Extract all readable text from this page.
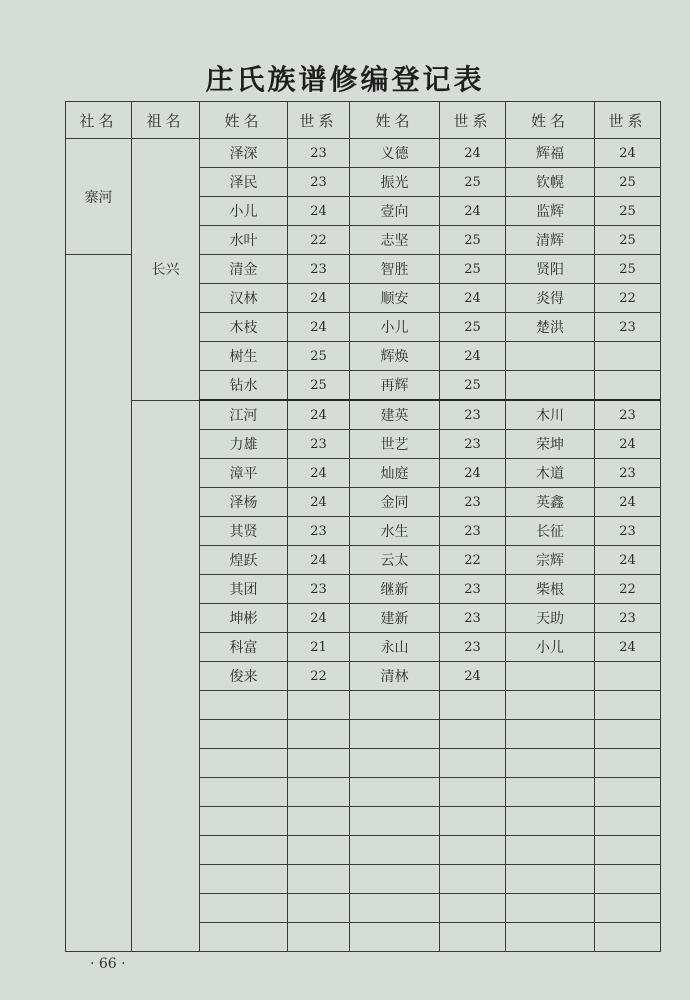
庄氏族谱修编登记表
社名	祖名	姓名	世系	姓名	世系	姓名	世系
寨河	长兴	泽深	23	义德	24	辉福	24
		泽民	23	振光	25	钦幌	25
		小儿	24	壹向	24	监辉	25
		水叶	22	志坚	25	清辉	25
		清金	23	智胜	25	贤阳	25
		汉林	24	顺安	24	炎得	22
		木枝	24	小儿	25	楚洪	23
		树生	25	辉焕	24		
		钻水	25	再辉	25		
		江河	24	建英	23	木川	23
		力雄	23	世艺	23	荣坤	24
		漳平	24	灿庭	24	木道	23
		泽杨	24	金同	23	英鑫	24
		其贤	23	水生	23	长征	23
		煌跃	24	云太	22	宗辉	24
		其团	23	继新	23	柴根	22
		坤彬	24	建新	23	天助	23
		科富	21	永山	23	小儿	24
		俊来	22	清林	24		

· 66 ·
